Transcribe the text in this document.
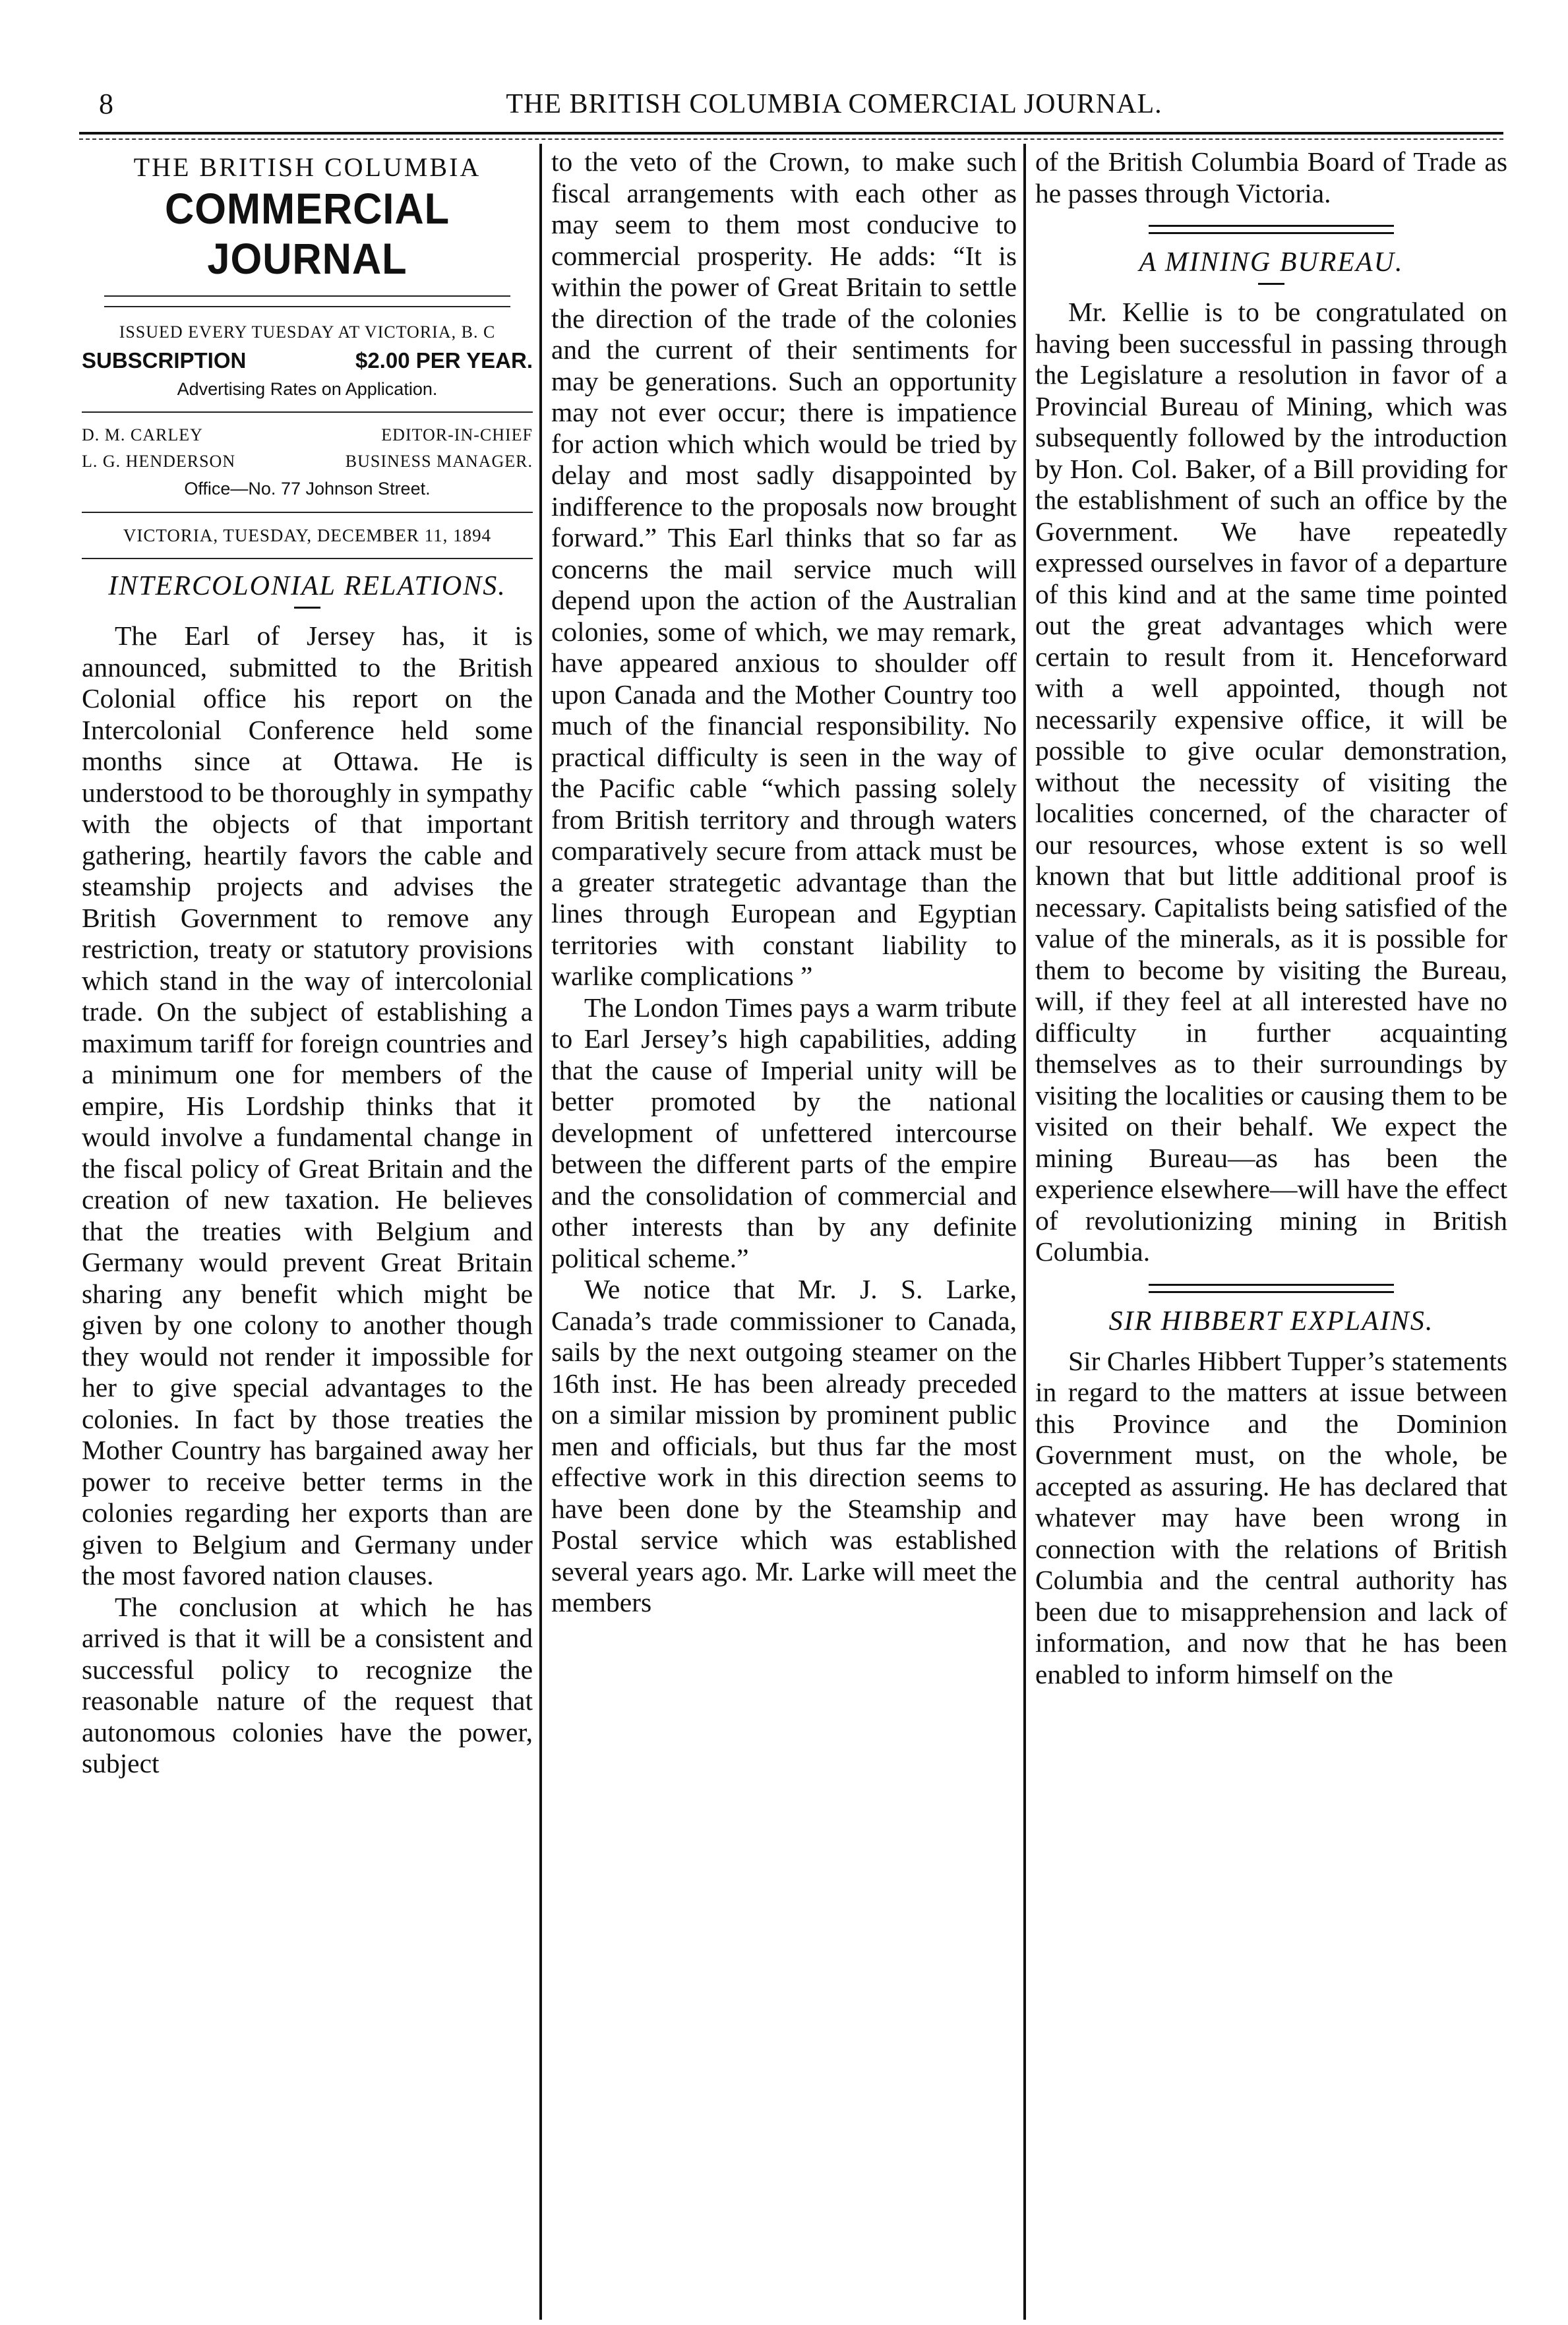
8	THE BRITISH COLUMBIA COMERCIAL JOURNAL.
THE BRITISH COLUMBIA
COMMERCIAL JOURNAL
ISSUED EVERY TUESDAY AT VICTORIA, B. C
SUBSCRIPTION	$2.00 PER YEAR.
Advertising Rates on Application.
D. M. CARLEY	EDITOR-IN-CHIEF
L. G. HENDERSON	BUSINESS MANAGER.
Office—No. 77 Johnson Street.
VICTORIA, TUESDAY, DECEMBER 11, 1894
INTERCOLONIAL RELATIONS.

The Earl of Jersey has, it is announced, submitted to the British Colonial office his report on the Intercolonial Conference held some months since at Ottawa. He is understood to be thoroughly in sympathy with the objects of that important gathering, heartily favors the cable and steamship projects and advises the British Government to remove any restriction, treaty or statutory provisions which stand in the way of intercolonial trade. On the subject of establishing a maximum tariff for foreign countries and a minimum one for members of the empire, His Lordship thinks that it would involve a fundamental change in the fiscal policy of Great Britain and the creation of new taxation. He believes that the treaties with Belgium and Germany would prevent Great Britain sharing any benefit which might be given by one colony to another though they would not render it impossible for her to give special advantages to the colonies. In fact by those treaties the Mother Country has bargained away her power to receive better terms in the colonies regarding her exports than are given to Belgium and Germany under the most favored nation clauses.

The conclusion at which he has arrived is that it will be a consistent and successful policy to recognize the reasonable nature of the request that autonomous colonies have the power, subject

to the veto of the Crown, to make such fiscal arrangements with each other as may seem to them most conducive to commercial prosperity. He adds: “It is within the power of Great Britain to settle the direction of the trade of the colonies and the current of their sentiments for may be generations. Such an opportunity may not ever occur; there is impatience for action which which would be tried by delay and most sadly disappointed by indifference to the proposals now brought forward.” This Earl thinks that so far as concerns the mail service much will depend upon the action of the Australian colonies, some of which, we may remark, have appeared anxious to shoulder off upon Canada and the Mother Country too much of the financial responsibility. No practical difficulty is seen in the way of the Pacific cable “which passing solely from British territory and through waters comparatively secure from attack must be a greater strategetic advantage than the lines through European and Egyptian territories with constant liability to warlike complications ”

The London Times pays a warm tribute to Earl Jersey’s high capabilities, adding that the cause of Imperial unity will be better promoted by the national development of unfettered intercourse between the different parts of the empire and the consolidation of commercial and other interests than by any definite political scheme.”

We notice that Mr. J. S. Larke, Canada’s trade commissioner to Canada, sails by the next outgoing steamer on the 16th inst. He has been already preceded on a similar mission by prominent public men and officials, but thus far the most effective work in this direction seems to have been done by the Steamship and Postal service which was established several years ago. Mr. Larke will meet the members

of the British Columbia Board of Trade as he passes through Victoria.

A MINING BUREAU.

Mr. Kellie is to be congratulated on having been successful in passing through the Legislature a resolution in favor of a Provincial Bureau of Mining, which was subsequently followed by the introduction by Hon. Col. Baker, of a Bill providing for the establishment of such an office by the Government. We have repeatedly expressed ourselves in favor of a departure of this kind and at the same time pointed out the great advantages which were certain to result from it. Henceforward with a well appointed, though not necessarily expensive office, it will be possible to give ocular demonstration, without the necessity of visiting the localities concerned, of the character of our resources, whose extent is so well known that but little additional proof is necessary. Capitalists being satisfied of the value of the minerals, as it is possible for them to become by visiting the Bureau, will, if they feel at all interested have no difficulty in further acquainting themselves as to their surroundings by visiting the localities or causing them to be visited on their behalf. We expect the mining Bureau—as has been the experience elsewhere—will have the effect of revolutionizing mining in British Columbia.

SIR HIBBERT EXPLAINS.

Sir Charles Hibbert Tupper’s statements in regard to the matters at issue between this Province and the Dominion Government must, on the whole, be accepted as assuring. He has declared that whatever may have been wrong in connection with the relations of British Columbia and the central authority has been due to misapprehension and lack of information, and now that he has been enabled to inform himself on the
